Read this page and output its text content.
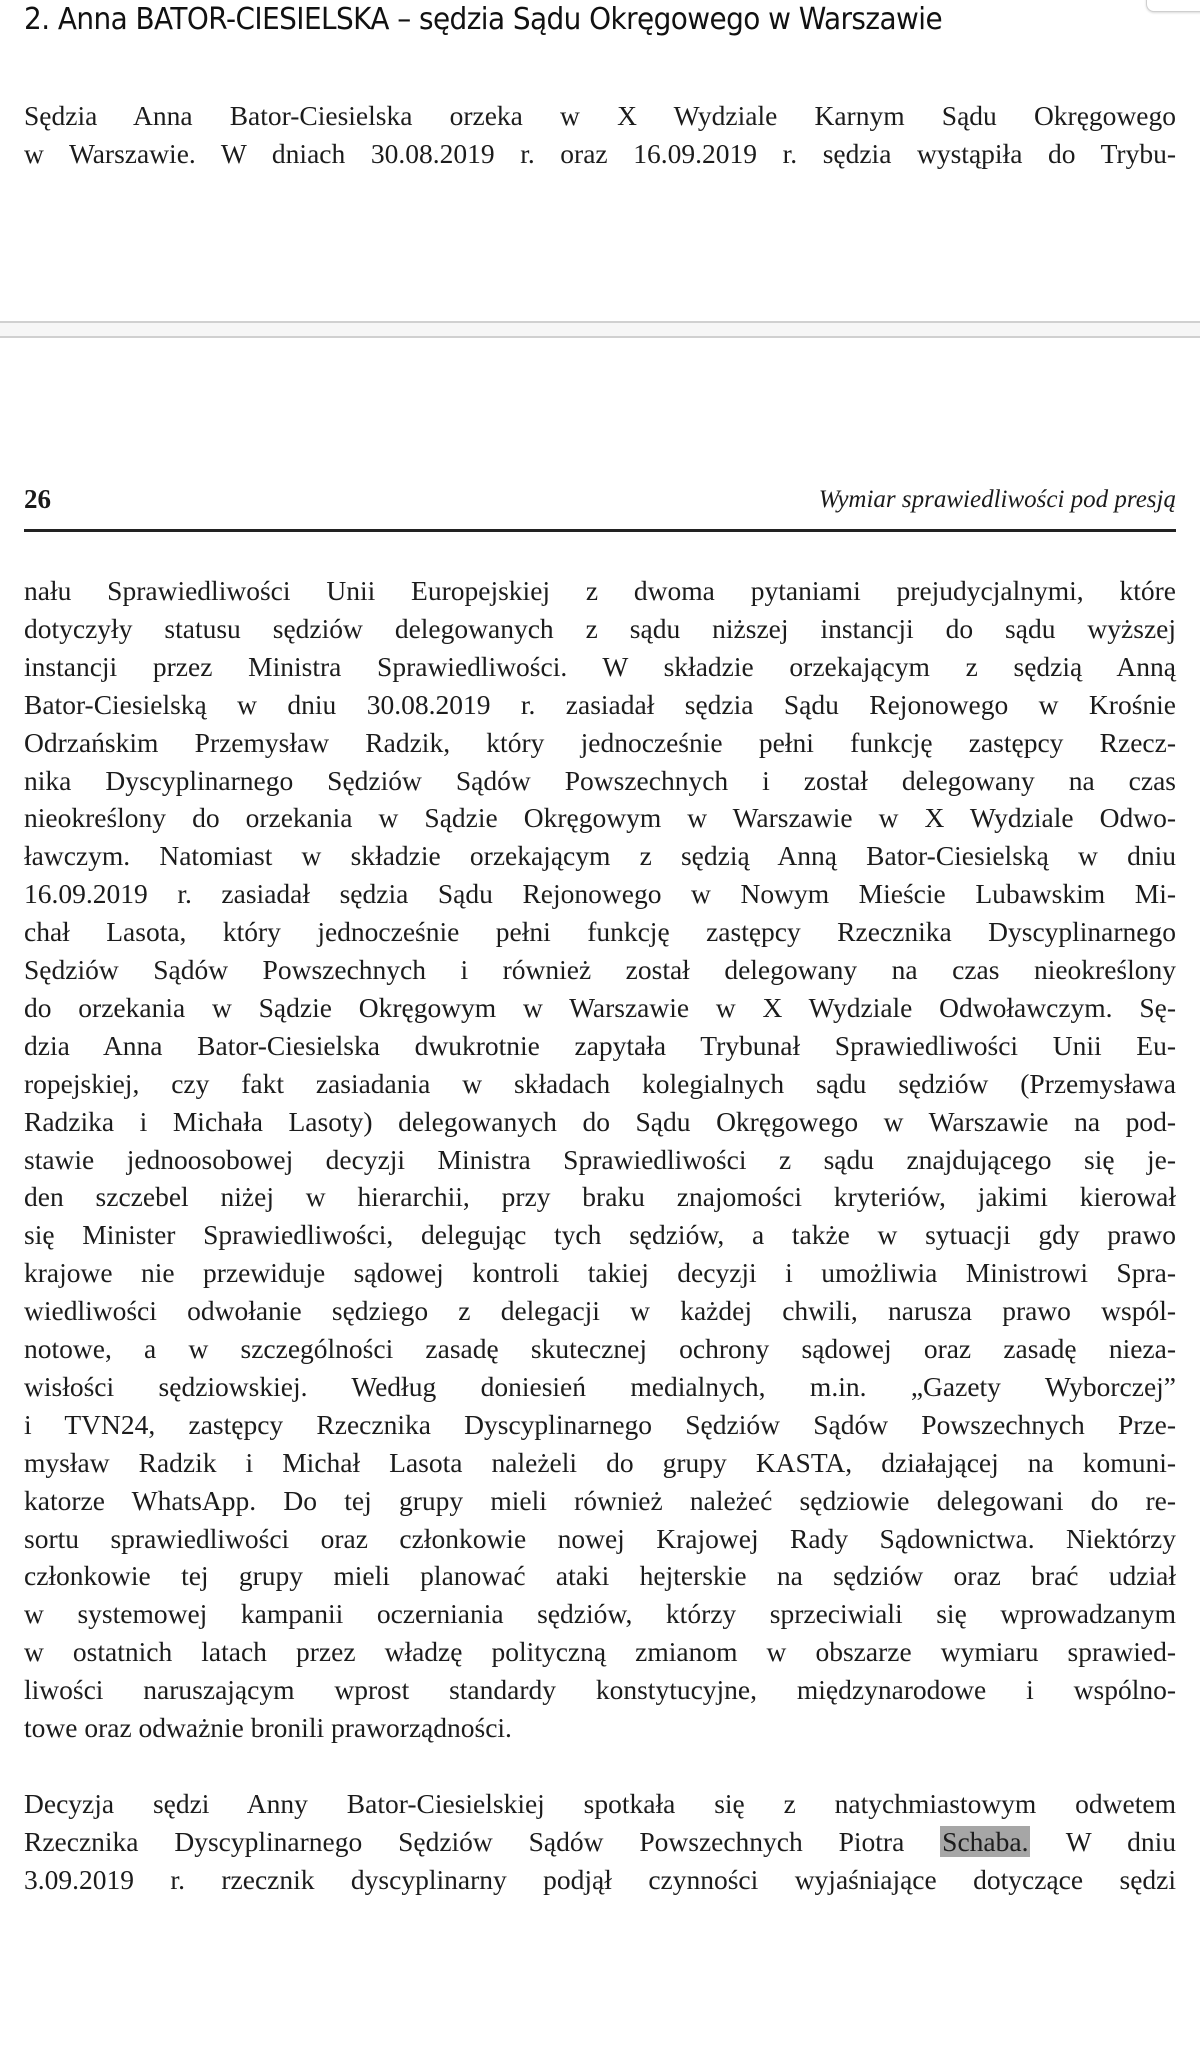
2. Anna BATOR-CIESIELSKA – sędzia Sądu Okręgowego w Warszawie
Sędzia Anna Bator-Ciesielska orzeka w X Wydziale Karnym Sądu Okręgowego
w Warszawie. W dniach 30.08.2019 r. oraz 16.09.2019 r. sędzia wystąpiła do Trybu-
26	Wymiar sprawiedliwości pod presją
nału Sprawiedliwości Unii Europejskiej z dwoma pytaniami prejudycjalnymi, które
dotyczyły statusu sędziów delegowanych z sądu niższej instancji do sądu wyższej
instancji przez Ministra Sprawiedliwości. W składzie orzekającym z sędzią Anną
Bator-Ciesielską w dniu 30.08.2019 r. zasiadał sędzia Sądu Rejonowego w Krośnie
Odrzańskim Przemysław Radzik, który jednocześnie pełni funkcję zastępcy Rzecz-
nika Dyscyplinarnego Sędziów Sądów Powszechnych i został delegowany na czas
nieokreślony do orzekania w Sądzie Okręgowym w Warszawie w X Wydziale Odwo-
ławczym. Natomiast w składzie orzekającym z sędzią Anną Bator-Ciesielską w dniu
16.09.2019 r. zasiadał sędzia Sądu Rejonowego w Nowym Mieście Lubawskim Mi-
chał Lasota, który jednocześnie pełni funkcję zastępcy Rzecznika Dyscyplinarnego
Sędziów Sądów Powszechnych i również został delegowany na czas nieokreślony
do orzekania w Sądzie Okręgowym w Warszawie w X Wydziale Odwoławczym. Sę-
dzia Anna Bator-Ciesielska dwukrotnie zapytała Trybunał Sprawiedliwości Unii Eu-
ropejskiej, czy fakt zasiadania w składach kolegialnych sądu sędziów (Przemysława
Radzika i Michała Lasoty) delegowanych do Sądu Okręgowego w Warszawie na pod-
stawie jednoosobowej decyzji Ministra Sprawiedliwości z sądu znajdującego się je-
den szczebel niżej w hierarchii, przy braku znajomości kryteriów, jakimi kierował
się Minister Sprawiedliwości, delegując tych sędziów, a także w sytuacji gdy prawo
krajowe nie przewiduje sądowej kontroli takiej decyzji i umożliwia Ministrowi Spra-
wiedliwości odwołanie sędziego z delegacji w każdej chwili, narusza prawo wspól-
notowe, a w szczególności zasadę skutecznej ochrony sądowej oraz zasadę nieza-
wisłości sędziowskiej. Według doniesień medialnych, m.in. „Gazety Wyborczej”
i TVN24, zastępcy Rzecznika Dyscyplinarnego Sędziów Sądów Powszechnych Prze-
mysław Radzik i Michał Lasota należeli do grupy KASTA, działającej na komuni-
katorze WhatsApp. Do tej grupy mieli również należeć sędziowie delegowani do re-
sortu sprawiedliwości oraz członkowie nowej Krajowej Rady Sądownictwa. Niektórzy
członkowie tej grupy mieli planować ataki hejterskie na sędziów oraz brać udział
w systemowej kampanii oczerniania sędziów, którzy sprzeciwiali się wprowadzanym
w ostatnich latach przez władzę polityczną zmianom w obszarze wymiaru sprawied-
liwości naruszającym wprost standardy konstytucyjne, międzynarodowe i wspólno-
towe oraz odważnie bronili praworządności.
Decyzja sędzi Anny Bator-Ciesielskiej spotkała się z natychmiastowym odwetem
Rzecznika Dyscyplinarnego Sędziów Sądów Powszechnych Piotra Schaba. W dniu
3.09.2019 r. rzecznik dyscyplinarny podjął czynności wyjaśniające dotyczące sędzi
